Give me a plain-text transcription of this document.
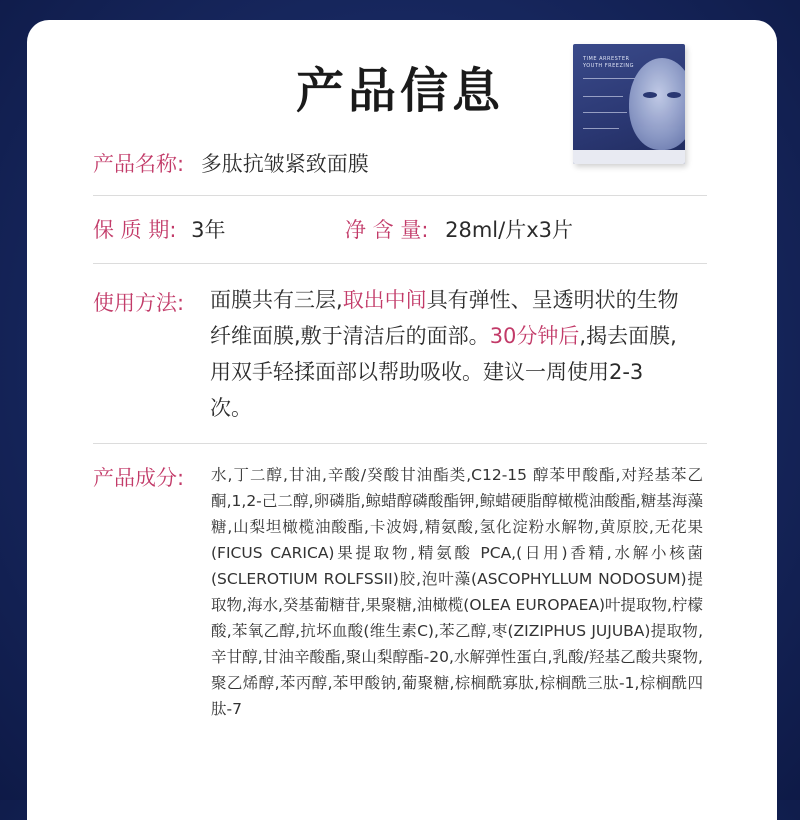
产品信息
TIME ARRESTER
YOUTH FREEZING
产品名称: 多肽抗皱紧致面膜
保 质 期: 3年	净 含 量: 28ml/片x3片
使用方法: 面膜共有三层,取出中间具有弹性、呈透明状的生物纤维面膜,敷于清洁后的面部。30分钟后,揭去面膜,用双手轻揉面部以帮助吸收。建议一周使用2-3次。
产品成分: 水,丁二醇,甘油,辛酸/癸酸甘油酯类,C12-15 醇苯甲酸酯,对羟基苯乙酮,1,2-己二醇,卵磷脂,鲸蜡醇磷酸酯钾,鲸蜡硬脂醇橄榄油酸酯,糖基海藻糖,山梨坦橄榄油酸酯,卡波姆,精氨酸,氢化淀粉水解物,黄原胶,无花果(FICUS CARICA)果提取物,精氨酸 PCA,(日用)香精,水解小核菌(SCLEROTIUM ROLFSSII)胶,泡叶藻(ASCOPHYLLUM NODOSUM)提取物,海水,癸基葡糖苷,果聚糖,油橄榄(OLEA EUROPAEA)叶提取物,柠檬酸,苯氧乙醇,抗坏血酸(维生素C),苯乙醇,枣(ZIZIPHUS JUJUBA)提取物,辛甘醇,甘油辛酸酯,聚山梨醇酯-20,水解弹性蛋白,乳酸/羟基乙酸共聚物,聚乙烯醇,苯丙醇,苯甲酸钠,葡聚糖,棕榈酰寡肽,棕榈酰三肽-1,棕榈酰四肽-7
